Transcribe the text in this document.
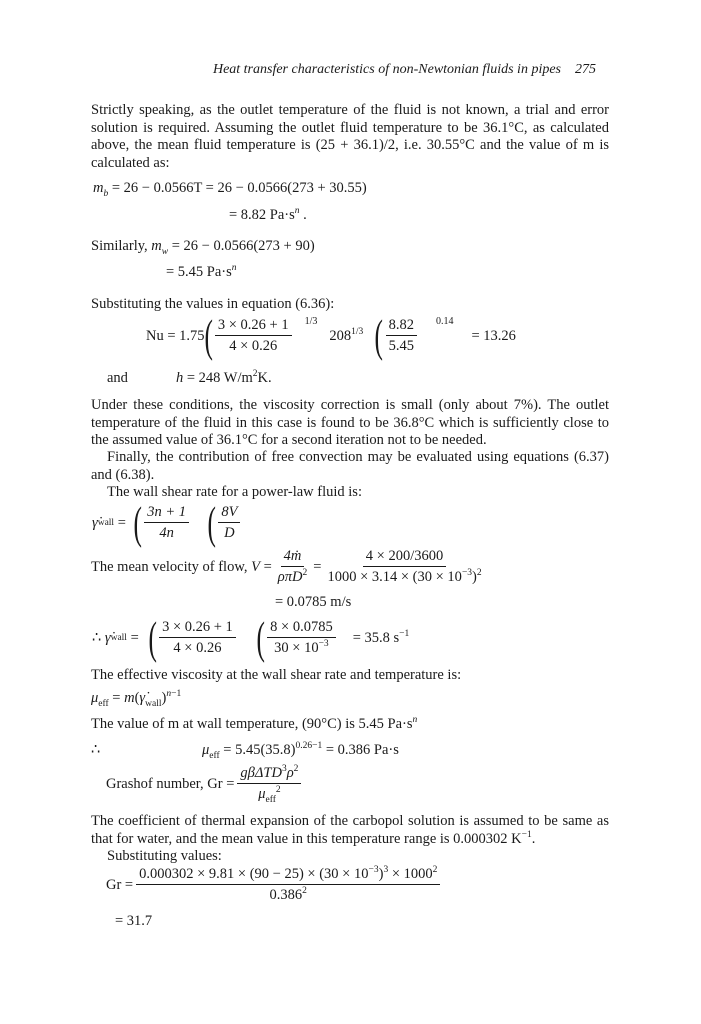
Heat transfer characteristics of non-Newtonian fluids in pipes 275
Strictly speaking, as the outlet temperature of the fluid is not known, a trial and error solution is required. Assuming the outlet fluid temperature to be 36.1°C, as calculated above, the mean fluid temperature is (25 + 36.1)/2, i.e. 30.55°C and the value of m is calculated as:
$m_b = 26 - 0.0566T = 26 - 0.0566(273 + 30.55)$
= 8.82 $Pa\cdot s^n$ .
Similarly, $m_w = 26 - 0.0566(273 + 90)$
= 5.45 $Pa\cdot s^n$
Substituting the values in equation (6.36):
Nu = 1.75 ( $\frac{3 \times 0.26 + 1}{4 \times 0.26} 1/3$
$208^{1/3}$ ( $\frac{8.82}{5.45} 0.14$
= 13.26
and	h = 248 $W/m^2K$.
Under these conditions, the viscosity correction is small (only about 7%). The outlet temperature of the fluid in this case is found to be 36.8°C which is sufficiently close to the assumed value of 36.1°C for a second iteration not to be needed.
Finally, the contribution of free convection may be evaluated using equations (6.37) and (6.38).
The wall shear rate for a power-law fluid is:
γ̇ wall = ( $\frac{3n + 1}{4n}$ ( $\frac{8V}{D}$
The mean velocity of flow,
$V = \frac{\text{4ṁ}}{\rho\pi D^2} = \frac{4 \times 200/3600}{1000 \times 3.14 \times (30 \times 10^{-3})^2}$
= 0.0785 m/s
∴
γ̇ wall = ( $\frac{3 \times 0.26 + 1}{4 \times 0.26}$ ( $\frac{8 \times 0.0785}{30 \times 10^{-3}} = 35.8$ $s^{-1}$
The effective viscosity at the wall shear rate and temperature is:
$\mu_{eff}$ = $m(\gammȧ_{wall})^{n-1}$
The value of m at wall temperature, (90°C) is 5.45 $Pa\cdot s^n$
∴	$\mu_{eff} = 5.45(35.8)^{0.26-1} = 0.386$ Pa·s
Grashof number, $Gr = \frac{g\beta\Delta TD^3\rho^2}{\mu_{eff}^2}$
The coefficient of thermal expansion of the carbopol solution is assumed to be same as that for water, and the mean value in this temperature range is 0.000302 $K^{-1}$.
Substituting values:
$Gr = \frac{0.000302 \times 9.81 \times (90 - 25) \times (30 \times 10^{-3})^3 \times 1000^2}{0.386^2}$
= 31.7
